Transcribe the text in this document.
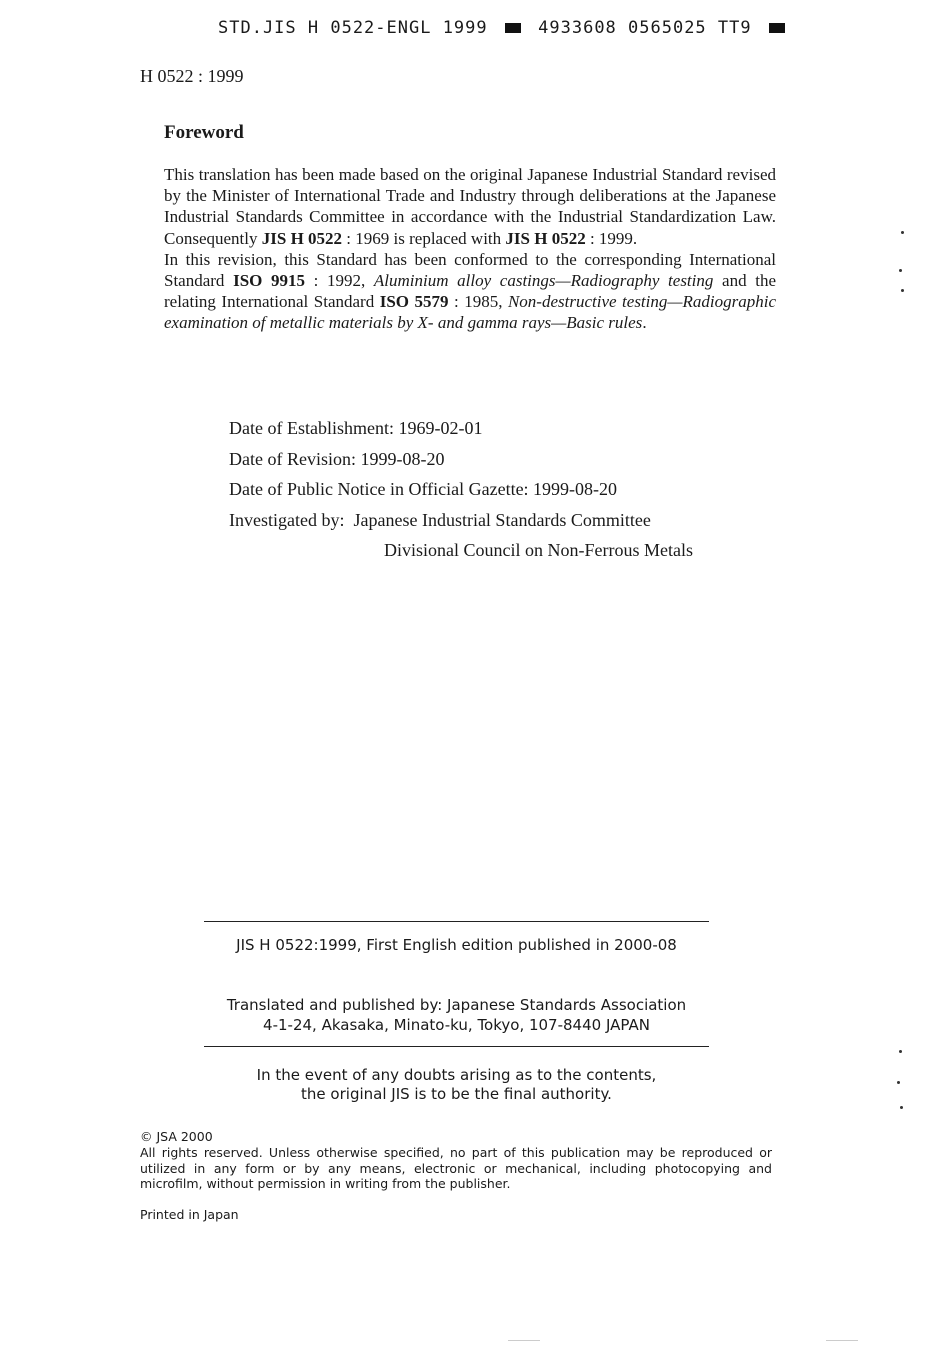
STD.JIS H 0522-ENGL 1999	4933608 0565025 TT9
H 0522 : 1999
Foreword

This translation has been made based on the original Japanese Industrial Standard revised by the Minister of International Trade and Industry through deliberations at the Japanese Industrial Standards Committee in accordance with the Industrial Standardization Law. Consequently JIS H 0522 : 1969 is replaced with JIS H 0522 : 1999.

In this revision, this Standard has been conformed to the corresponding International Standard ISO 9915 : 1992, Aluminium alloy castings—Radiography testing and the relating International Standard ISO 5579 : 1985, Non-destructive testing—Radiographic examination of metallic materials by X- and gamma rays—Basic rules.

Date of Establishment: 1969-02-01
Date of Revision: 1999-08-20
Date of Public Notice in Official Gazette: 1999-08-20
Investigated by: Japanese Industrial Standards Committee
Divisional Council on Non-Ferrous Metals
JIS H 0522:1999, First English edition published in 2000-08
Translated and published by: Japanese Standards Association
4-1-24, Akasaka, Minato-ku, Tokyo, 107-8440 JAPAN
In the event of any doubts arising as to the contents,
the original JIS is to be the final authority.
© JSA 2000
All rights reserved. Unless otherwise specified, no part of this publication may be reproduced or utilized in any form or by any means, electronic or mechanical, including photocopying and microfilm, without permission in writing from the publisher.
Printed in Japan
